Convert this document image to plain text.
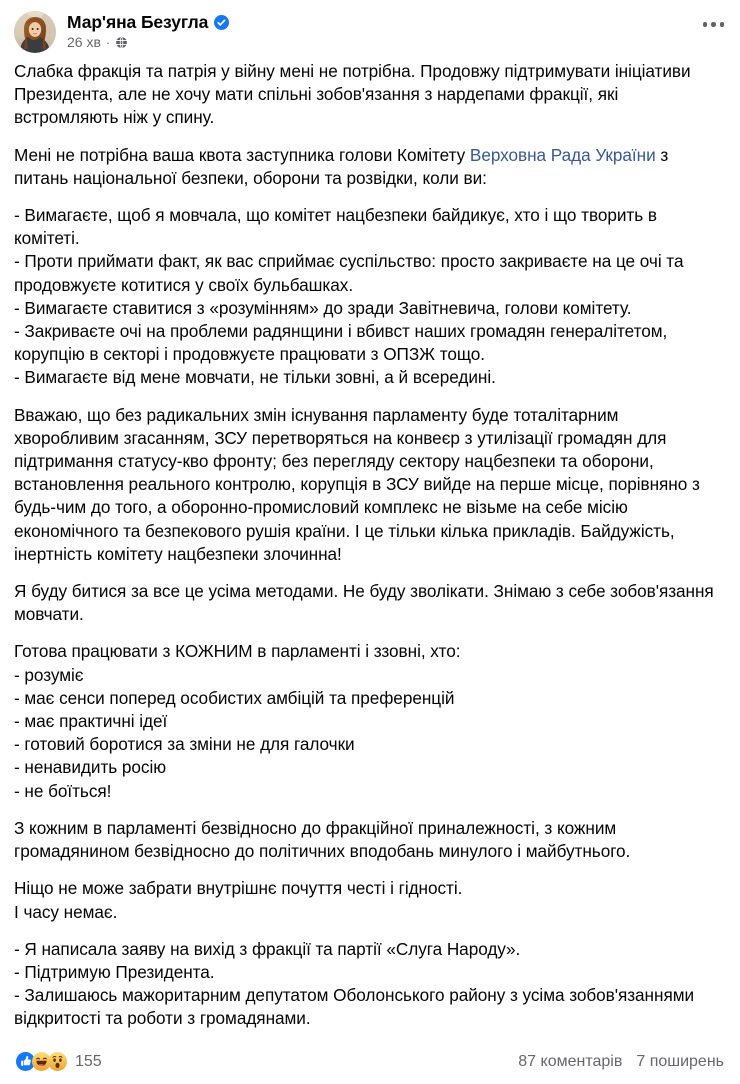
Мар'яна Безугла
26 хв ·

Слабка фракція та патрія у війну мені не потрібна. Продовжу підтримувати ініціативи Президента, але не хочу мати спільні зобов'язання з нардепами фракції, які встромляють ніж у спину.

Мені не потрібна ваша квота заступника голови Комітету Верховна Рада України з питань національної безпеки, оборони та розвідки, коли ви:

- Вимагаєте, щоб я мовчала, що комітет нацбезпеки байдикує, хто і що творить в комітеті.
- Проти приймати факт, як вас сприймає суспільство: просто закриваєте на це очі та продовжуєте котитися у своїх бульбашках.
- Вимагаєте ставитися з «розумінням» до зради Завітневича, голови комітету.
- Закриваєте очі на проблеми радянщини і вбивст наших громадян генералітетом, корупцію в секторі і продовжуєте працювати з ОПЗЖ тощо.
- Вимагаєте від мене мовчати, не тільки зовні, а й всередині.

Вважаю, що без радикальних змін існування парламенту буде тоталітарним хворобливим згасанням, ЗСУ перетворяться на конвеєр з утилізації громадян для підтримання статусу-кво фронту; без перегляду сектору нацбезпеки та оборони, встановлення реального контролю, корупція в ЗСУ вийде на перше місце, порівняно з будь-чим до того, а оборонно-промисловий комплекс не візьме на себе місію економічного та безпекового рушія країни. І це тільки кілька прикладів. Байдужість, інертність комітету нацбезпеки злочинна!

Я буду битися за все це усіма методами. Не буду зволікати. Знімаю з себе зобов'язання мовчати.

Готова працювати з КОЖНИМ в парламенті і ззовні, хто:

- розуміє
- має сенси поперед особистих амбіцій та преференцій
- має практичні ідеї
- готовий боротися за зміни не для галочки
- ненавидить росію
- не боїться!

З кожним в парламенті безвідносно до фракційної приналежності, з кожним громадянином безвідносно до політичних вподобань минулого і майбутнього.

Ніщо не може забрати внутрішнє почуття честі і гідності.
І часу немає.
- Я написала заяву на вихід з фракції та партії «Слуга Народу».
- Підтримую Президента.
- Залишаюсь мажоритарним депутатом Оболонського району з усіма зобов'язаннями відкритості та роботи з громадянами.
155	87 коментарів 7 поширень
